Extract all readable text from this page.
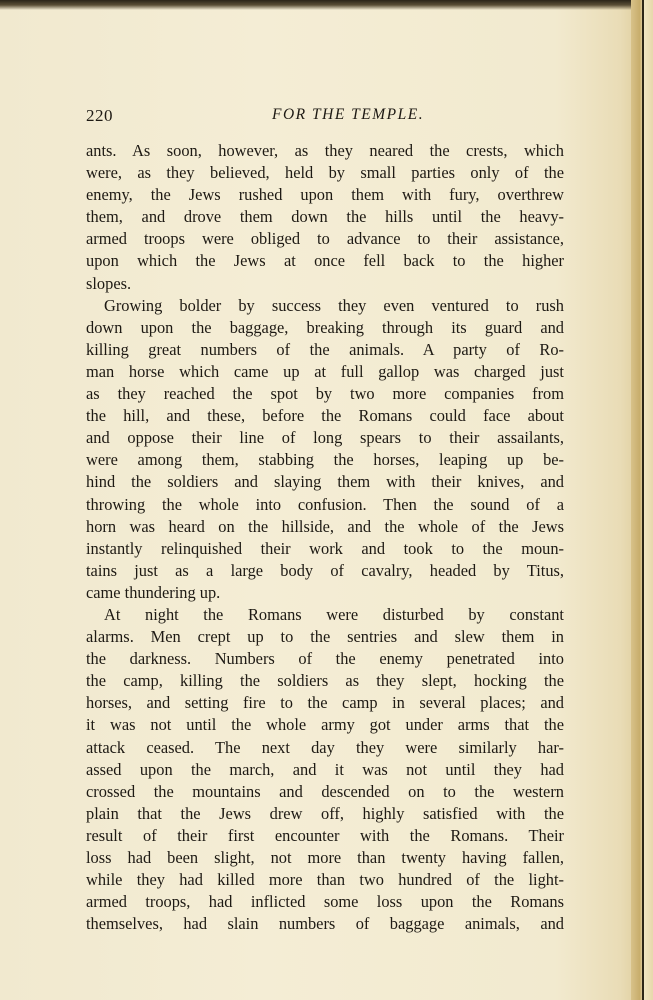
220	FOR THE TEMPLE.
ants. As soon, however, as they neared the crests, which
were, as they believed, held by small parties only of the
enemy, the Jews rushed upon them with fury, overthrew
them, and drove them down the hills until the heavy-
armed troops were obliged to advance to their assistance,
upon which the Jews at once fell back to the higher
slopes.
Growing bolder by success they even ventured to rush
down upon the baggage, breaking through its guard and
killing great numbers of the animals. A party of Ro-
man horse which came up at full gallop was charged just
as they reached the spot by two more companies from
the hill, and these, before the Romans could face about
and oppose their line of long spears to their assailants,
were among them, stabbing the horses, leaping up be-
hind the soldiers and slaying them with their knives, and
throwing the whole into confusion. Then the sound of a
horn was heard on the hillside, and the whole of the Jews
instantly relinquished their work and took to the moun-
tains just as a large body of cavalry, headed by Titus,
came thundering up.
At night the Romans were disturbed by constant
alarms. Men crept up to the sentries and slew them in
the darkness. Numbers of the enemy penetrated into
the camp, killing the soldiers as they slept, hocking the
horses, and setting fire to the camp in several places; and
it was not until the whole army got under arms that the
attack ceased. The next day they were similarly har-
assed upon the march, and it was not until they had
crossed the mountains and descended on to the western
plain that the Jews drew off, highly satisfied with the
result of their first encounter with the Romans. Their
loss had been slight, not more than twenty having fallen,
while they had killed more than two hundred of the light-
armed troops, had inflicted some loss upon the Romans
themselves, had slain numbers of baggage animals, and
